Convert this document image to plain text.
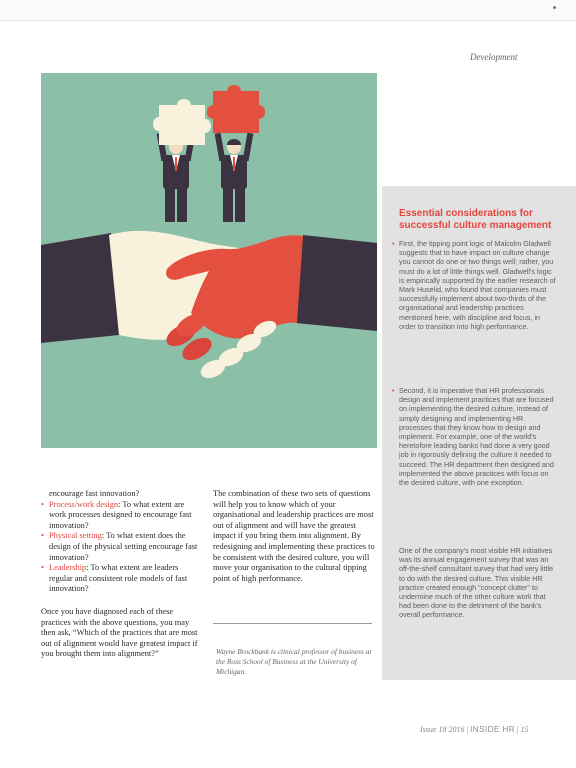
Development
Essential considerations for successful culture management
• First, the tipping point logic of Malcolm Gladwell suggests that to have impact on culture change you cannot do one or two things well; rather, you must do a lot of little things well. Gladwell's logic is empirically supported by the earlier research of Mark Huselid, who found that companies must successfully implement about two-thirds of the organisational and leadership practices mentioned here, with discipline and focus, in order to transition into high performance.
• Second, it is imperative that HR professionals design and implement practices that are focused on implementing the desired culture, instead of simply designing and implementing HR processes that they know how to design and implement. For example, one of the world's heretofore leading banks had done a very good job in rigorously defining the culture it needed to succeed. The HR department then designed and implemented the above practices with focus on the desired culture, with one exception.
One of the company's most visible HR initiatives was its annual engagement survey that was an off-the-shelf consultant survey that had very little to do with the desired culture. This visible HR practice created enough "concept clutter" to undermine much of the other culture work that had been done to the detriment of the bank's overall performance.
encourage fast innovation?
• Process/work design: To what extent are work processes designed to encourage fast innovation?
• Physical setting: To what extent does the design of the physical setting encourage fast innovation?
• Leadership: To what extent are leaders regular and consistent role models of fast innovation?
Once you have diagnosed each of these practices with the above questions, you may then ask, “Which of the practices that are most out of alignment would have greatest impact if you brought them into alignment?”
The combination of these two sets of questions will help you to know which of your organisational and leadership practices are most out of alignment and will have the greatest impact if you bring them into alignment. By redesigning and implementing these practices to be consistent with the desired culture, you will move your organisation to the cultural tipping point of high performance.
Wayne Brockbank is clinical professor of business at the Ross School of Business at the University of Michigan.
Issue 18 2016 | INSIDE HR | 15
